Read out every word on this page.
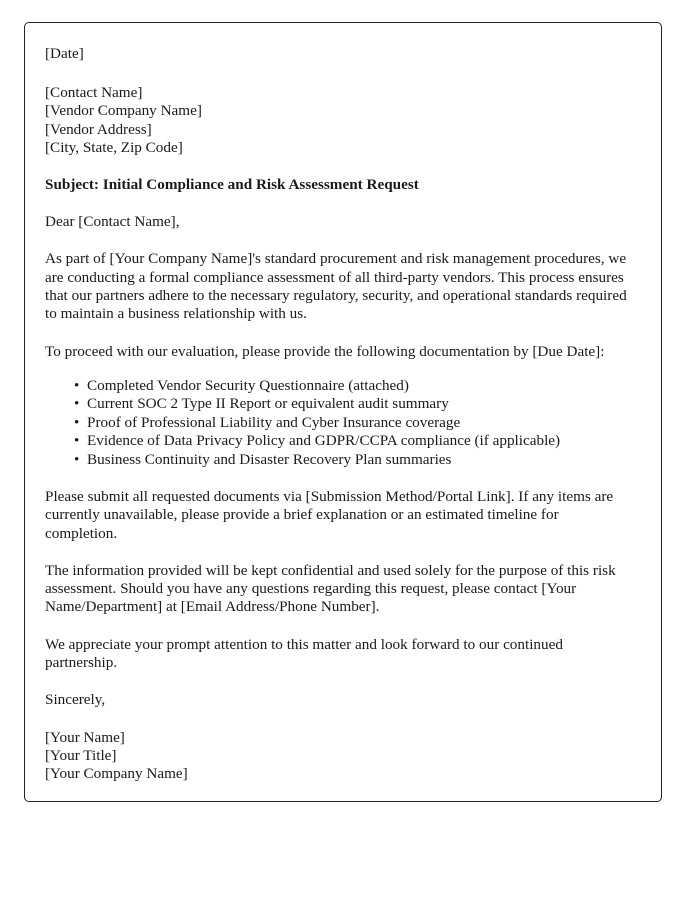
[Date]
[Contact Name]
[Vendor Company Name]
[Vendor Address]
[City, State, Zip Code]
Subject: Initial Compliance and Risk Assessment Request
Dear [Contact Name],

As part of [Your Company Name]'s standard procurement and risk management procedures, we are conducting a formal compliance assessment of all third-party vendors. This process ensures that our partners adhere to the necessary regulatory, security, and operational standards required to maintain a business relationship with us.

To proceed with our evaluation, please provide the following documentation by [Due Date]:

• Completed Vendor Security Questionnaire (attached)
• Current SOC 2 Type II Report or equivalent audit summary
• Proof of Professional Liability and Cyber Insurance coverage
• Evidence of Data Privacy Policy and GDPR/CCPA compliance (if applicable)
• Business Continuity and Disaster Recovery Plan summaries

Please submit all requested documents via [Submission Method/Portal Link]. If any items are currently unavailable, please provide a brief explanation or an estimated timeline for completion.

The information provided will be kept confidential and used solely for the purpose of this risk assessment. Should you have any questions regarding this request, please contact [Your Name/Department] at [Email Address/Phone Number].

We appreciate your prompt attention to this matter and look forward to our continued partnership.

Sincerely,
[Your Name]
[Your Title]
[Your Company Name]
